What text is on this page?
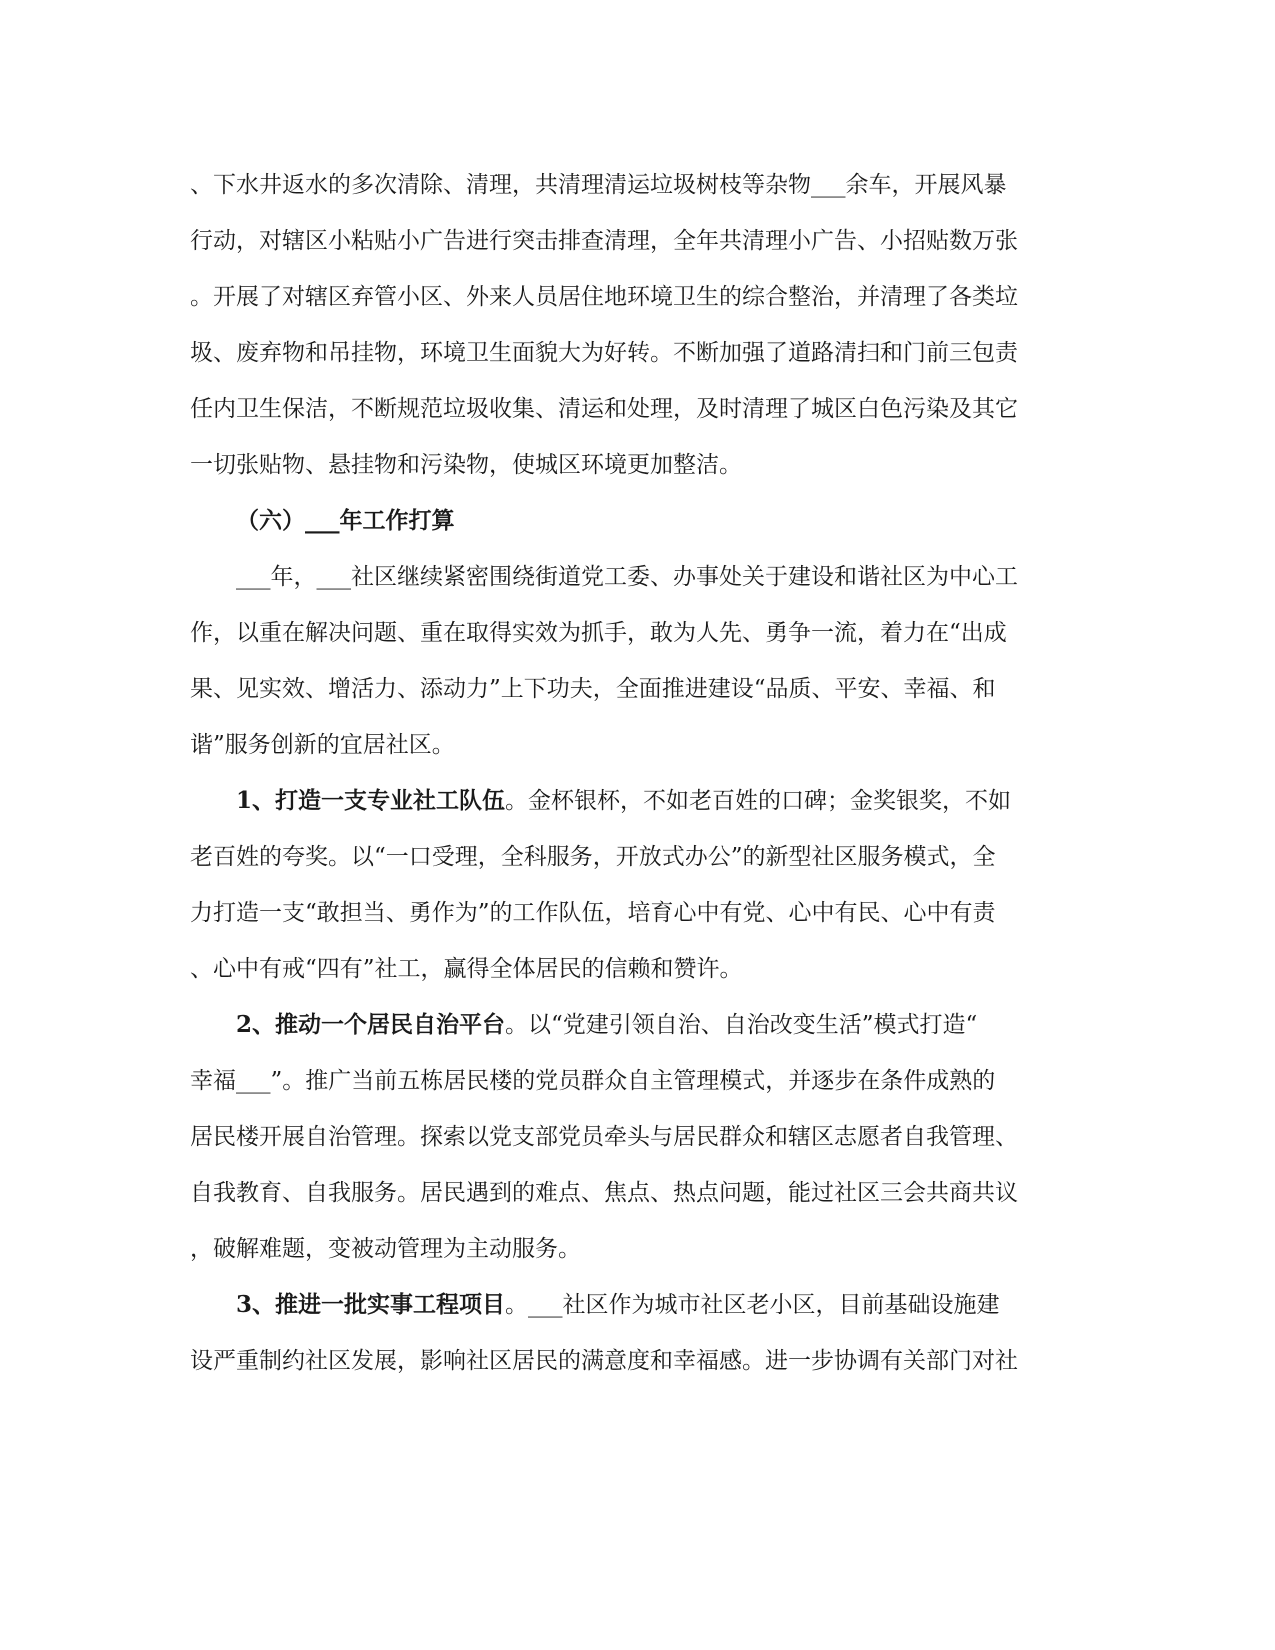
、下水井返水的多次清除、清理，共清理清运垃圾树枝等杂物___余车，开展风暴
行动，对辖区小粘贴小广告进行突击排查清理，全年共清理小广告、小招贴数万张
。开展了对辖区弃管小区、外来人员居住地环境卫生的综合整治，并清理了各类垃
圾、废弃物和吊挂物，环境卫生面貌大为好转。不断加强了道路清扫和门前三包责
任内卫生保洁，不断规范垃圾收集、清运和处理，及时清理了城区白色污染及其它
一切张贴物、悬挂物和污染物，使城区环境更加整洁。
（六）___年工作打算
___年，___社区继续紧密围绕街道党工委、办事处关于建设和谐社区为中心工
作，以重在解决问题、重在取得实效为抓手，敢为人先、勇争一流，着力在“出成
果、见实效、增活力、添动力”上下功夫，全面推进建设“品质、平安、幸福、和
谐”服务创新的宜居社区。
1、打造一支专业社工队伍。金杯银杯，不如老百姓的口碑；金奖银奖，不如
老百姓的夸奖。以“一口受理，全科服务，开放式办公”的新型社区服务模式，全
力打造一支“敢担当、勇作为”的工作队伍，培育心中有党、心中有民、心中有责
、心中有戒“四有”社工，赢得全体居民的信赖和赞许。
2、推动一个居民自治平台。以“党建引领自治、自治改变生活”模式打造“
幸福___”。推广当前五栋居民楼的党员群众自主管理模式，并逐步在条件成熟的
居民楼开展自治管理。探索以党支部党员牵头与居民群众和辖区志愿者自我管理、
自我教育、自我服务。居民遇到的难点、焦点、热点问题，能过社区三会共商共议
，破解难题，变被动管理为主动服务。
3、推进一批实事工程项目。___社区作为城市社区老小区，目前基础设施建
设严重制约社区发展，影响社区居民的满意度和幸福感。进一步协调有关部门对社
